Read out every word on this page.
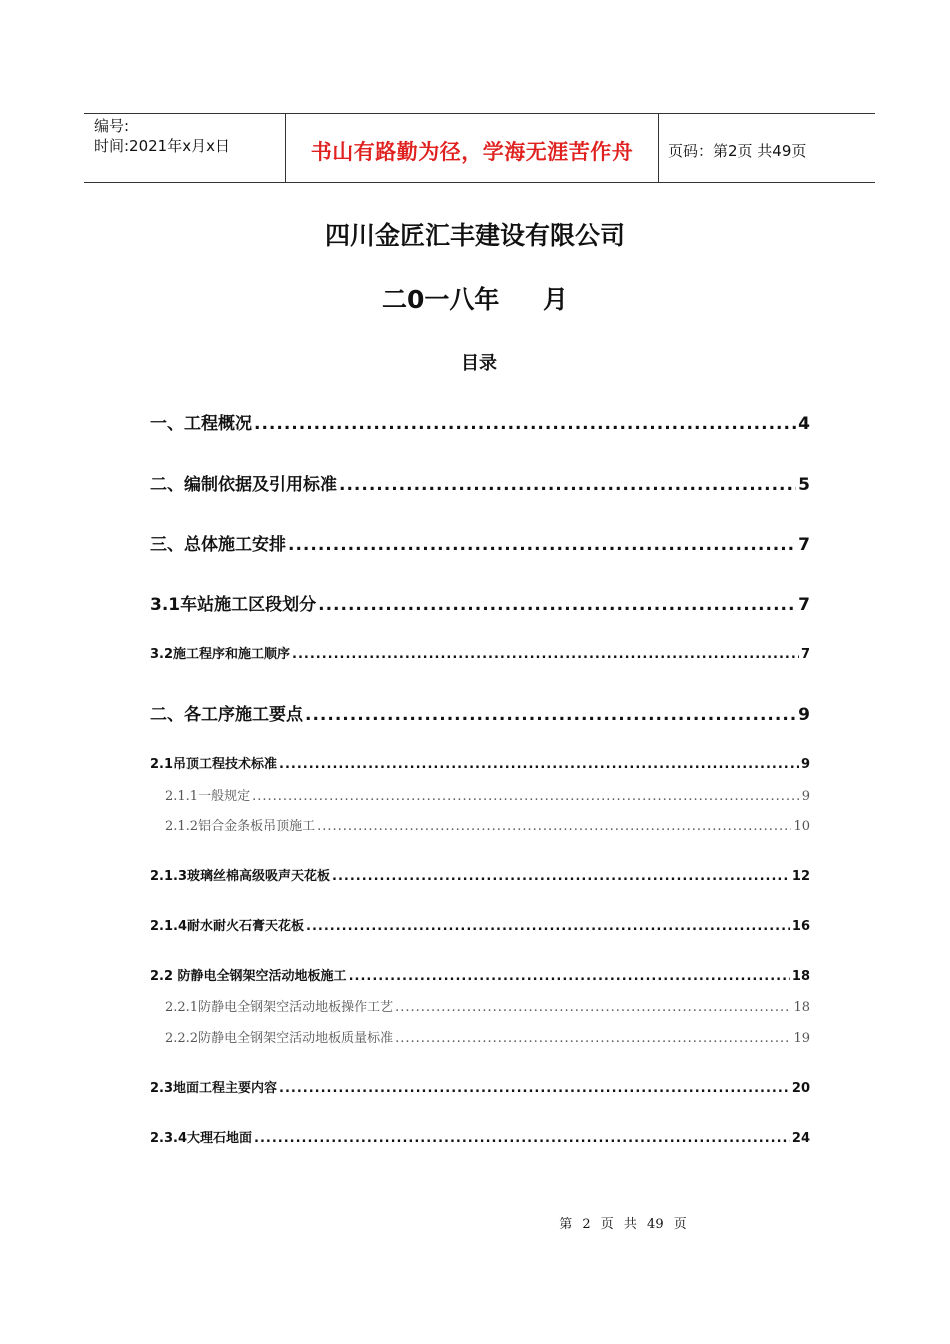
编号:
时间:2021年x月x日	书山有路勤为径，学海无涯苦作舟 页码：第2页 共49页
四川金匠汇丰建设有限公司
二0一八年     月
目录
一、工程概况 .....	4
二、编制依据及引用标准 .....	5
三、总体施工安排 .....	7
3.1车站施工区段划分 .....	7
3.2施工程序和施工顺序 .....	7
二、各工序施工要点 .....	9
2.1吊顶工程技术标准 .....	9
2.1.1一般规定 .....	9
2.1.2铝合金条板吊顶施工 .....	10
2.1.3玻璃丝棉高级吸声天花板 .....	12
2.1.4耐水耐火石膏天花板 .....	16
2.2 防静电全钢架空活动地板施工 .....	18
2.2.1防静电全钢架空活动地板操作工艺 .....	18
2.2.2防静电全钢架空活动地板质量标准 .....	19
2.3地面工程主要内容 .....	20
2.3.4大理石地面 .....	24
第 2 页 共 49 页
